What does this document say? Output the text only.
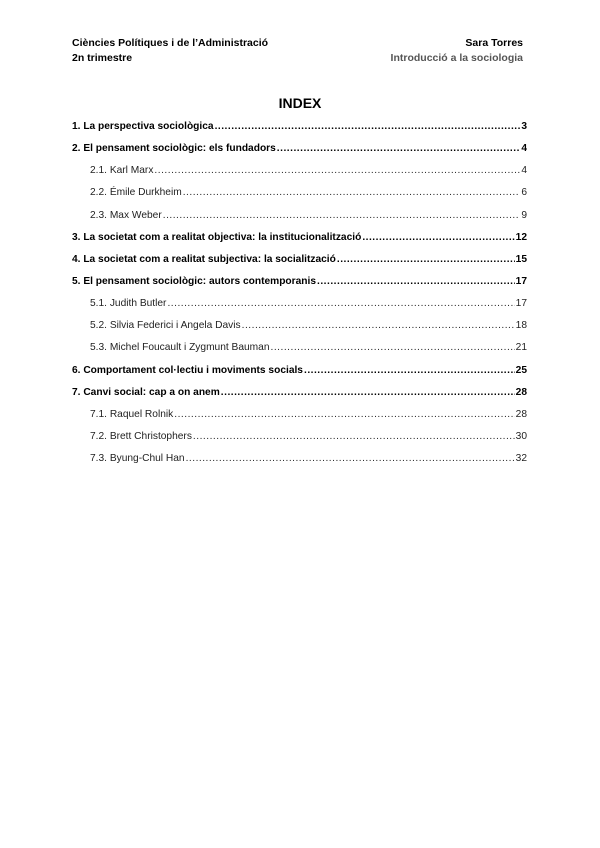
Ciències Polítiques i de l’Administració	Sara Torres
2n trimestre	Introducció a la sociologia
INDEX
1. La perspectiva sociològica .....	3
2. El pensament sociològic: els fundadors .....	4
2.1. Karl Marx .....	4
2.2. Émile Durkheim .....	6
2.3. Max Weber .....	9
3. La societat com a realitat objectiva: la institucionalització .....	12
4. La societat com a realitat subjectiva: la socialització .....	15
5. El pensament sociològic: autors contemporanis .....	17
5.1. Judith Butler .....	17
5.2. Silvia Federici i Angela Davis .....	18
5.3. Michel Foucault i Zygmunt Bauman .....	21
6. Comportament col·lectiu i moviments socials .....	25
7. Canvi social: cap a on anem .....	28
7.1. Raquel Rolnik .....	28
7.2. Brett Christophers .....	30
7.3. Byung-Chul Han .....	32
